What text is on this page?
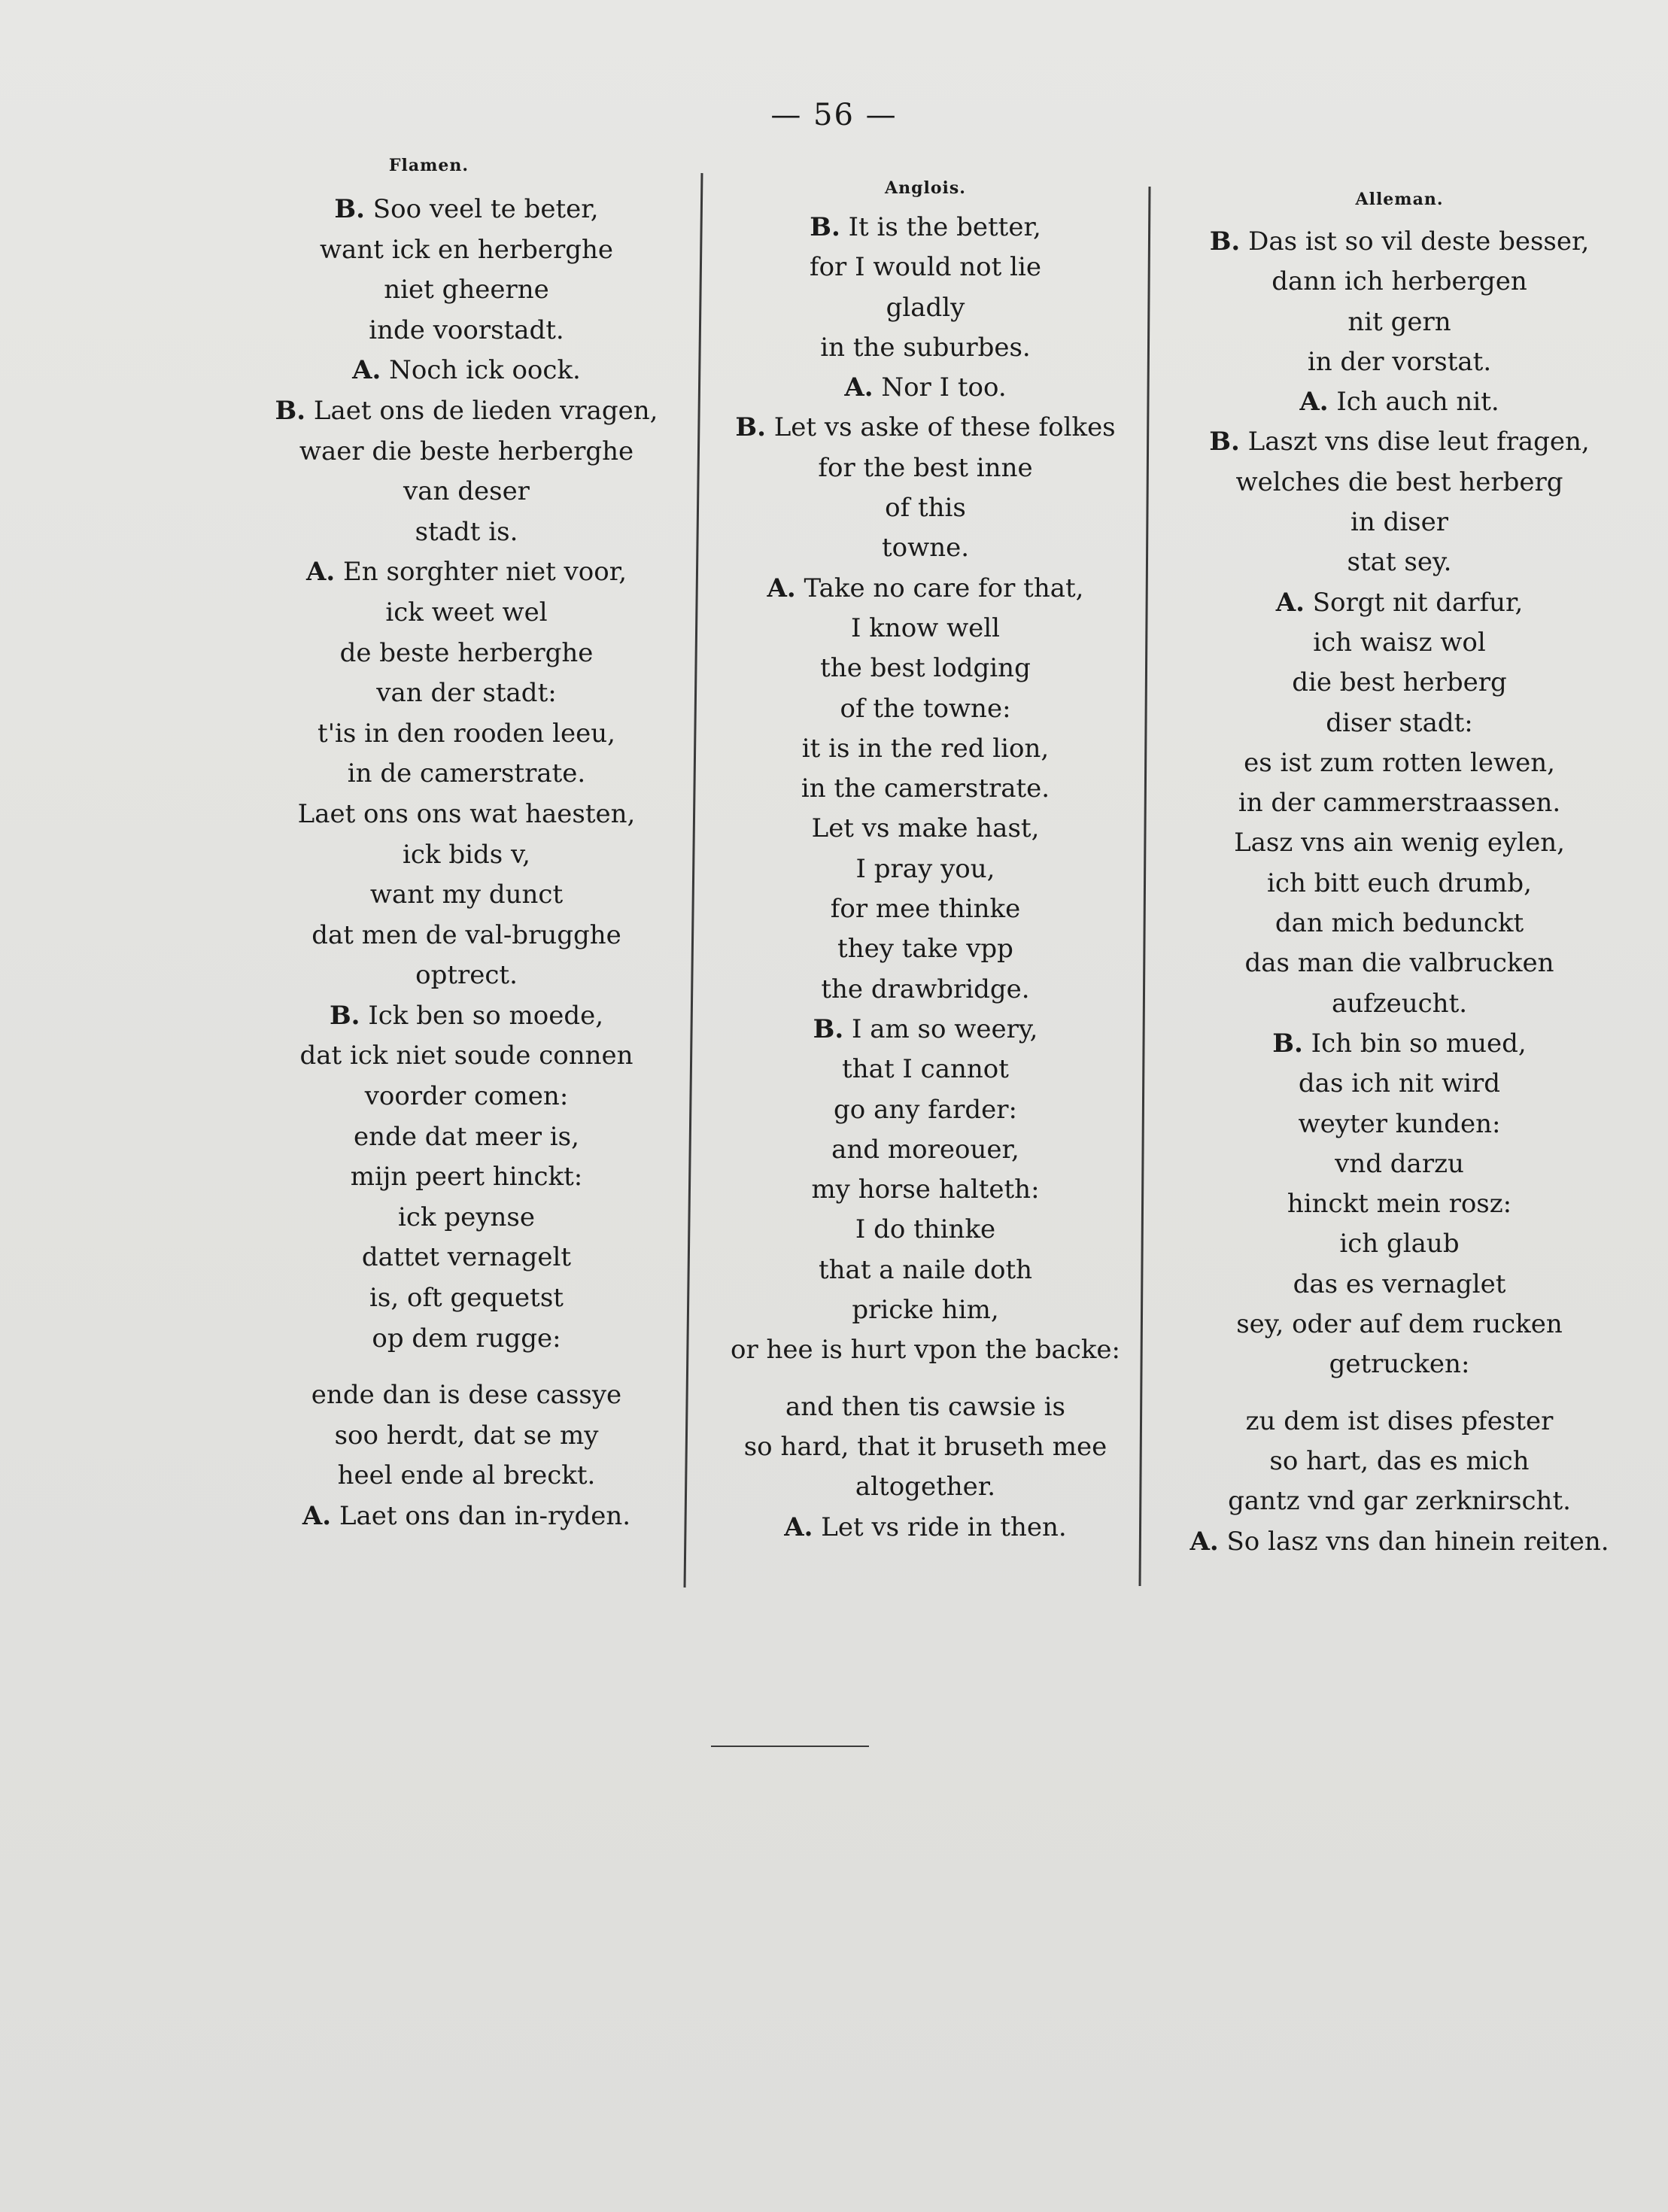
— 56 —
Flamen.
B. Soo veel te beter,
want ick en herberghe
niet gheerne
inde voorstadt.
A. Noch ick oock.
B. Laet ons de lieden vragen,
waer die beste herberghe
van deser
stadt is.
A. En sorghter niet voor,
ick weet wel
de beste herberghe
van der stadt:
t'is in den rooden leeu,
in de camerstrate.
Laet ons ons wat haesten,
ick bids v,
want my dunct
dat men de val-brugghe
optrect.
B. Ick ben so moede,
dat ick niet soude connen
voorder comen:
ende dat meer is,
mijn peert hinckt:
ick peynse
dattet vernagelt
is, oft gequetst
op dem rugge:
ende dan is dese cassye
soo herdt, dat se my
heel ende al breckt.
A. Laet ons dan in-ryden.
Anglois.
B. It is the better,
for I would not lie
gladly
in the suburbes.
A. Nor I too.
B. Let vs aske of these folkes
for the best inne
of this
towne.
A. Take no care for that,
I know well
the best lodging
of the towne:
it is in the red lion,
in the camerstrate.
Let vs make hast,
I pray you,
for mee thinke
they take vpp
the drawbridge.
B. I am so weery,
that I cannot
go any farder:
and moreouer,
my horse halteth:
I do thinke
that a naile doth
pricke him,
or hee is hurt vpon the backe:
and then tis cawsie is
so hard, that it bruseth mee
altogether.
A. Let vs ride in then.
Alleman.
B. Das ist so vil deste besser,
dann ich herbergen
nit gern
in der vorstat.
A. Ich auch nit.
B. Laszt vns dise leut fragen,
welches die best herberg
in diser
stat sey.
A. Sorgt nit darfur,
ich waisz wol
die best herberg
diser stadt:
es ist zum rotten lewen,
in der cammerstraassen.
Lasz vns ain wenig eylen,
ich bitt euch drumb,
dan mich bedunckt
das man die valbrucken
aufzeucht.
B. Ich bin so mued,
das ich nit wird
weyter kunden:
vnd darzu
hinckt mein rosz:
ich glaub
das es vernaglet
sey, oder auf dem rucken
getrucken:
zu dem ist dises pfester
so hart, das es mich
gantz vnd gar zerknirscht.
A. So lasz vns dan hinein reiten.
